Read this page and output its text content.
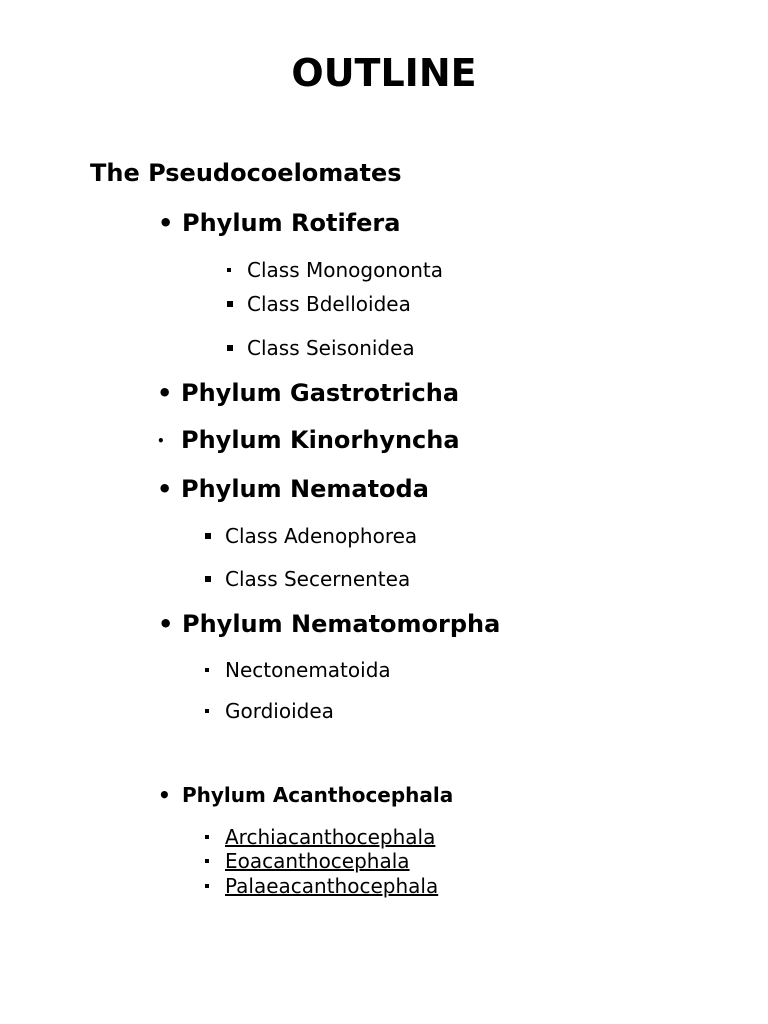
OUTLINE
The Pseudocoelomates
• Phylum Rotifera
Class Monogononta
Class Bdelloidea
Class Seisonidea
• Phylum Gastrotricha
• Phylum Kinorhyncha
• Phylum Nematoda
Class Adenophorea
Class Secernentea
• Phylum Nematomorpha
Nectonematoida
Gordioidea
• Phylum Acanthocephala
Archiacanthocephala
Eoacanthocephala
Palaeacanthocephala
